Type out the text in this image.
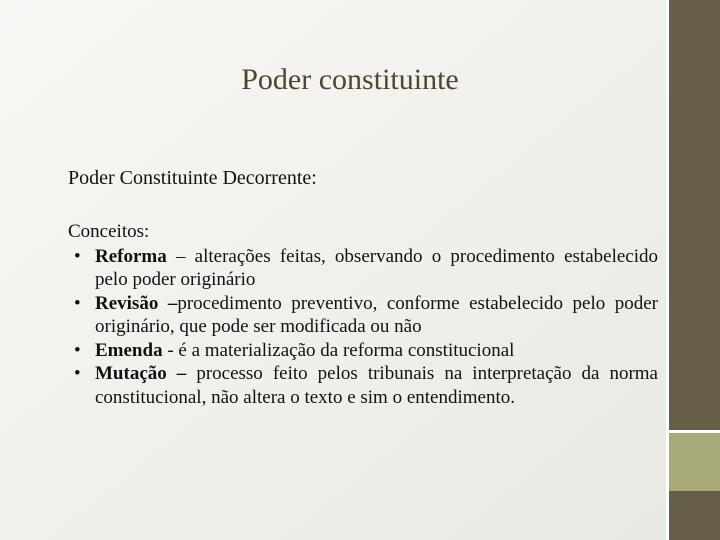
Poder constituinte
Poder Constituinte Decorrente:
Conceitos:
• Reforma – alterações feitas, observando o procedimento estabelecido pelo poder originário
• Revisão –procedimento preventivo, conforme estabelecido pelo poder originário, que pode ser modificada ou não
• Emenda - é a materialização da reforma constitucional
• Mutação – processo feito pelos tribunais na interpretação da norma constitucional, não altera o texto e sim o entendimento.
